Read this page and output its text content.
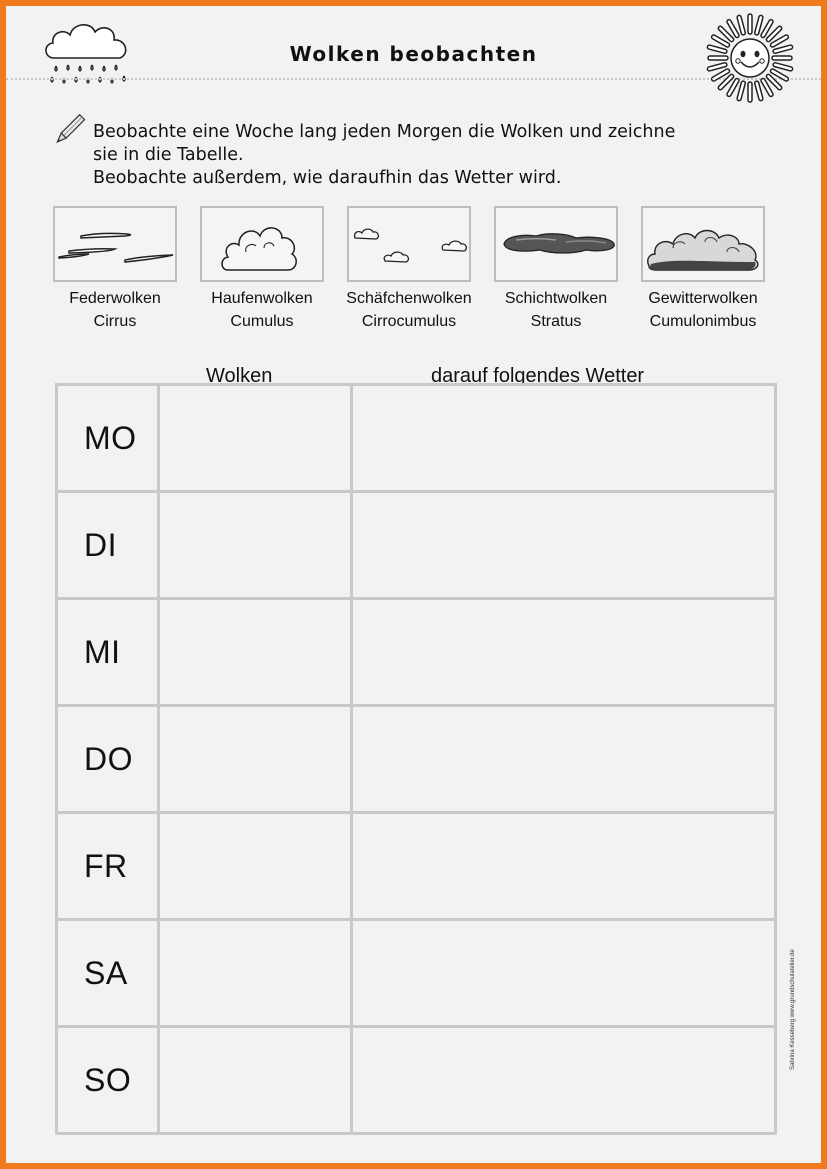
Wolken beobachten
Beobachte eine Woche lang jeden Morgen die Wolken und zeichne
sie in die Tabelle.
Beobachte außerdem, wie daraufhin das Wetter wird.
Federwolken
Cirrus
Haufenwolken
Cumulus
Schäfchenwolken
Cirrocumulus
Schichtwolken
Stratus
Gewitterwolken
Cumulonimbus
Wolken	darauf folgendes Wetter
MO
DI
MI
DO
FR
SA
SO
Sabrina Kesseberg www.grundschulatelier.de
